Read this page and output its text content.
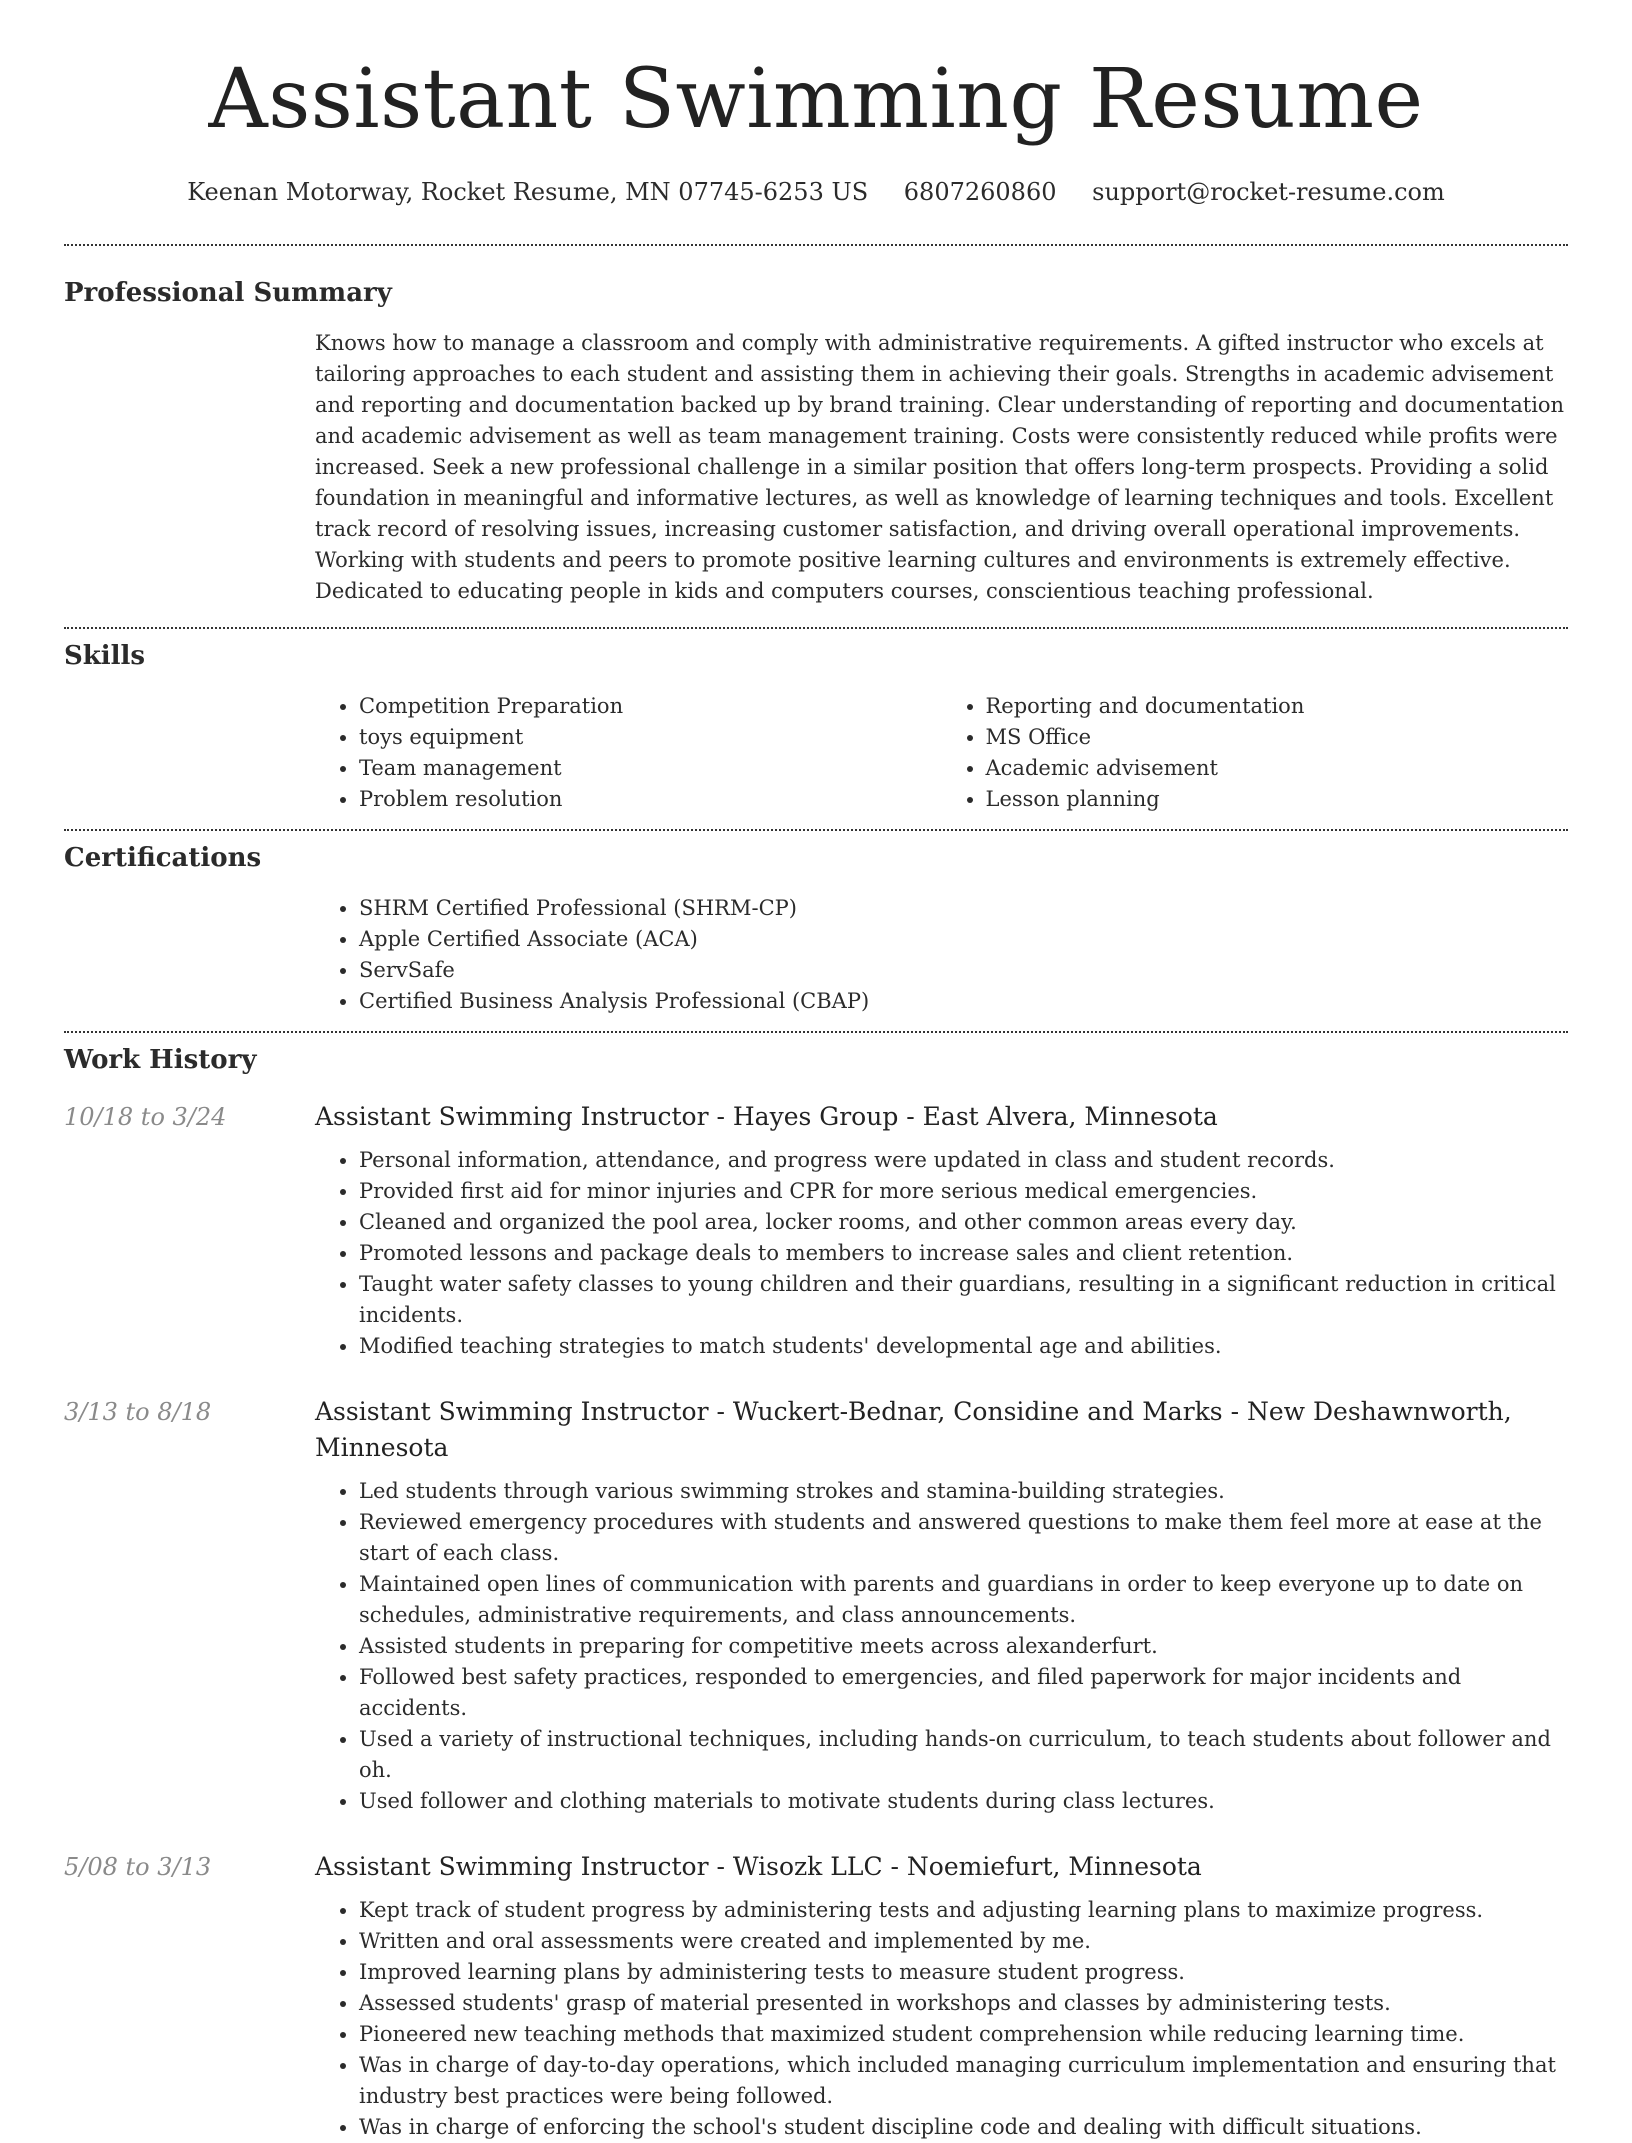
Assistant Swimming Resume
Keenan Motorway, Rocket Resume, MN 07745-6253 US 6807260860 support@rocket-resume.com
Professional Summary
Knows how to manage a classroom and comply with administrative requirements. A gifted instructor who excels at tailoring approaches to each student and assisting them in achieving their goals. Strengths in academic advisement and reporting and documentation backed up by brand training. Clear understanding of reporting and documentation and academic advisement as well as team management training. Costs were consistently reduced while profits were increased. Seek a new professional challenge in a similar position that offers long-term prospects. Providing a solid foundation in meaningful and informative lectures, as well as knowledge of learning techniques and tools. Excellent track record of resolving issues, increasing customer satisfaction, and driving overall operational improvements. Working with students and peers to promote positive learning cultures and environments is extremely effective. Dedicated to educating people in kids and computers courses, conscientious teaching professional.
Skills
• Competition Preparation
• toys equipment
• Team management
• Problem resolution
• Reporting and documentation
• MS Office
• Academic advisement
• Lesson planning
Certifications
• SHRM Certified Professional (SHRM-CP)
• Apple Certified Associate (ACA)
• ServSafe
• Certified Business Analysis Professional (CBAP)
Work History
10/18 to 3/24	Assistant Swimming Instructor - Hayes Group - East Alvera, Minnesota
• Personal information, attendance, and progress were updated in class and student records.
• Provided first aid for minor injuries and CPR for more serious medical emergencies.
• Cleaned and organized the pool area, locker rooms, and other common areas every day.
• Promoted lessons and package deals to members to increase sales and client retention.
• Taught water safety classes to young children and their guardians, resulting in a significant reduction in critical incidents.
• Modified teaching strategies to match students' developmental age and abilities.
3/13 to 8/18	Assistant Swimming Instructor - Wuckert-Bednar, Considine and Marks - New Deshawnworth, Minnesota
• Led students through various swimming strokes and stamina-building strategies.
• Reviewed emergency procedures with students and answered questions to make them feel more at ease at the start of each class.
• Maintained open lines of communication with parents and guardians in order to keep everyone up to date on schedules, administrative requirements, and class announcements.
• Assisted students in preparing for competitive meets across alexanderfurt.
• Followed best safety practices, responded to emergencies, and filed paperwork for major incidents and accidents.
• Used a variety of instructional techniques, including hands-on curriculum, to teach students about follower and oh.
• Used follower and clothing materials to motivate students during class lectures.
5/08 to 3/13	Assistant Swimming Instructor - Wisozk LLC - Noemiefurt, Minnesota
• Kept track of student progress by administering tests and adjusting learning plans to maximize progress.
• Written and oral assessments were created and implemented by me.
• Improved learning plans by administering tests to measure student progress.
• Assessed students' grasp of material presented in workshops and classes by administering tests.
• Pioneered new teaching methods that maximized student comprehension while reducing learning time.
• Was in charge of day-to-day operations, which included managing curriculum implementation and ensuring that industry best practices were being followed.
• Was in charge of enforcing the school's student discipline code and dealing with difficult situations.
